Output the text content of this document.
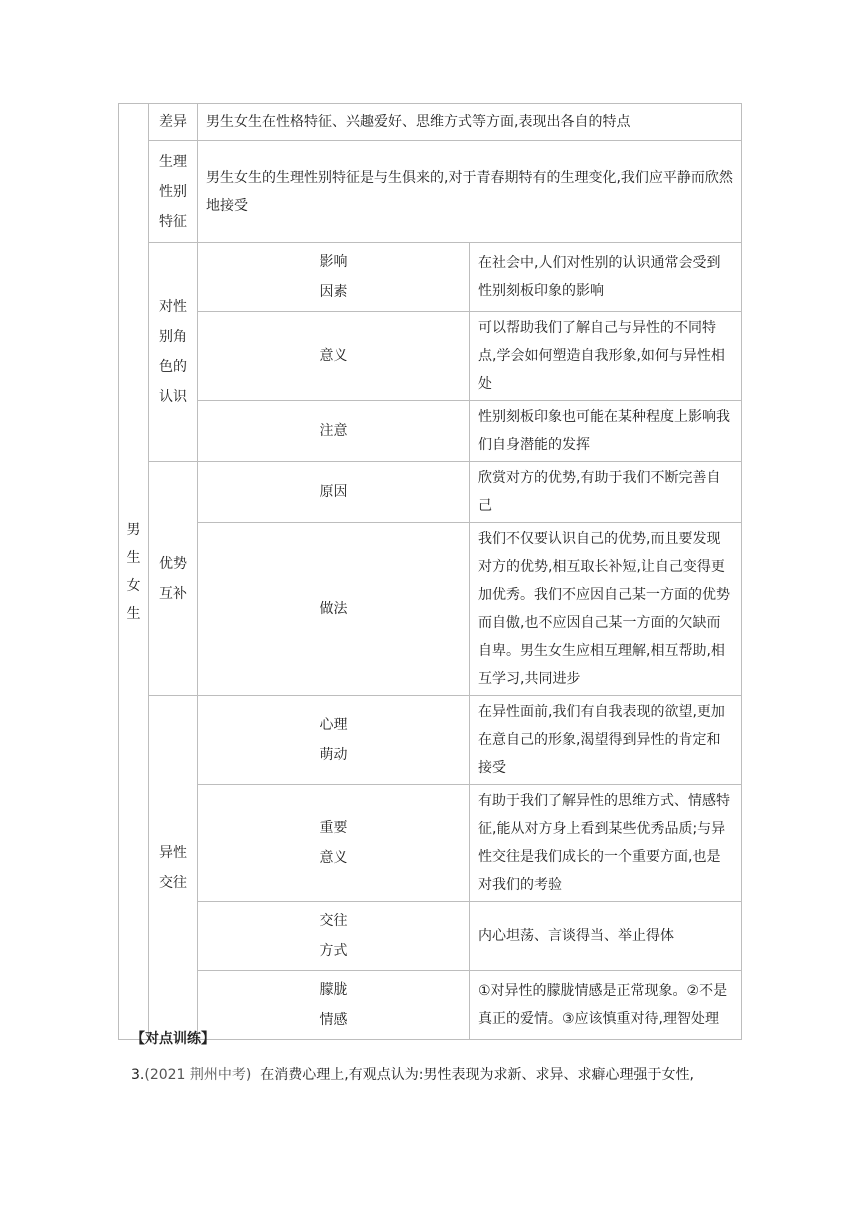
男生女生	差异	男生女生在性格特征、兴趣爱好、思维方式等方面,表现出各自的特点	
	生理性别特征	男生女生的生理性别特征是与生俱来的,对于青春期特有的生理变化,我们应平静而欣然地接受	
	对性别角色的认识	影响因素	在社会中,人们对性别的认识通常会受到性别刻板印象的影响
		意义	可以帮助我们了解自己与异性的不同特点,学会如何塑造自我形象,如何与异性相处
		注意	性别刻板印象也可能在某种程度上影响我们自身潜能的发挥
	优势互补	原因	欣赏对方的优势,有助于我们不断完善自己
		做法	我们不仅要认识自己的优势,而且要发现对方的优势,相互取长补短,让自己变得更加优秀。我们不应因自己某一方面的优势而自傲,也不应因自己某一方面的欠缺而自卑。男生女生应相互理解,相互帮助,相互学习,共同进步
	异性交往	心理萌动	在异性面前,我们有自我表现的欲望,更加在意自己的形象,渴望得到异性的肯定和接受
		重要意义	有助于我们了解异性的思维方式、情感特征,能从对方身上看到某些优秀品质;与异性交往是我们成长的一个重要方面,也是对我们的考验
		交往方式	内心坦荡、言谈得当、举止得体
		朦胧情感	①对异性的朦胧情感是正常现象。②不是真正的爱情。③应该慎重对待,理智处理
【对点训练】
3.(2021 荆州中考) 在消费心理上,有观点认为:男性表现为求新、求异、求癖心理强于女性,
